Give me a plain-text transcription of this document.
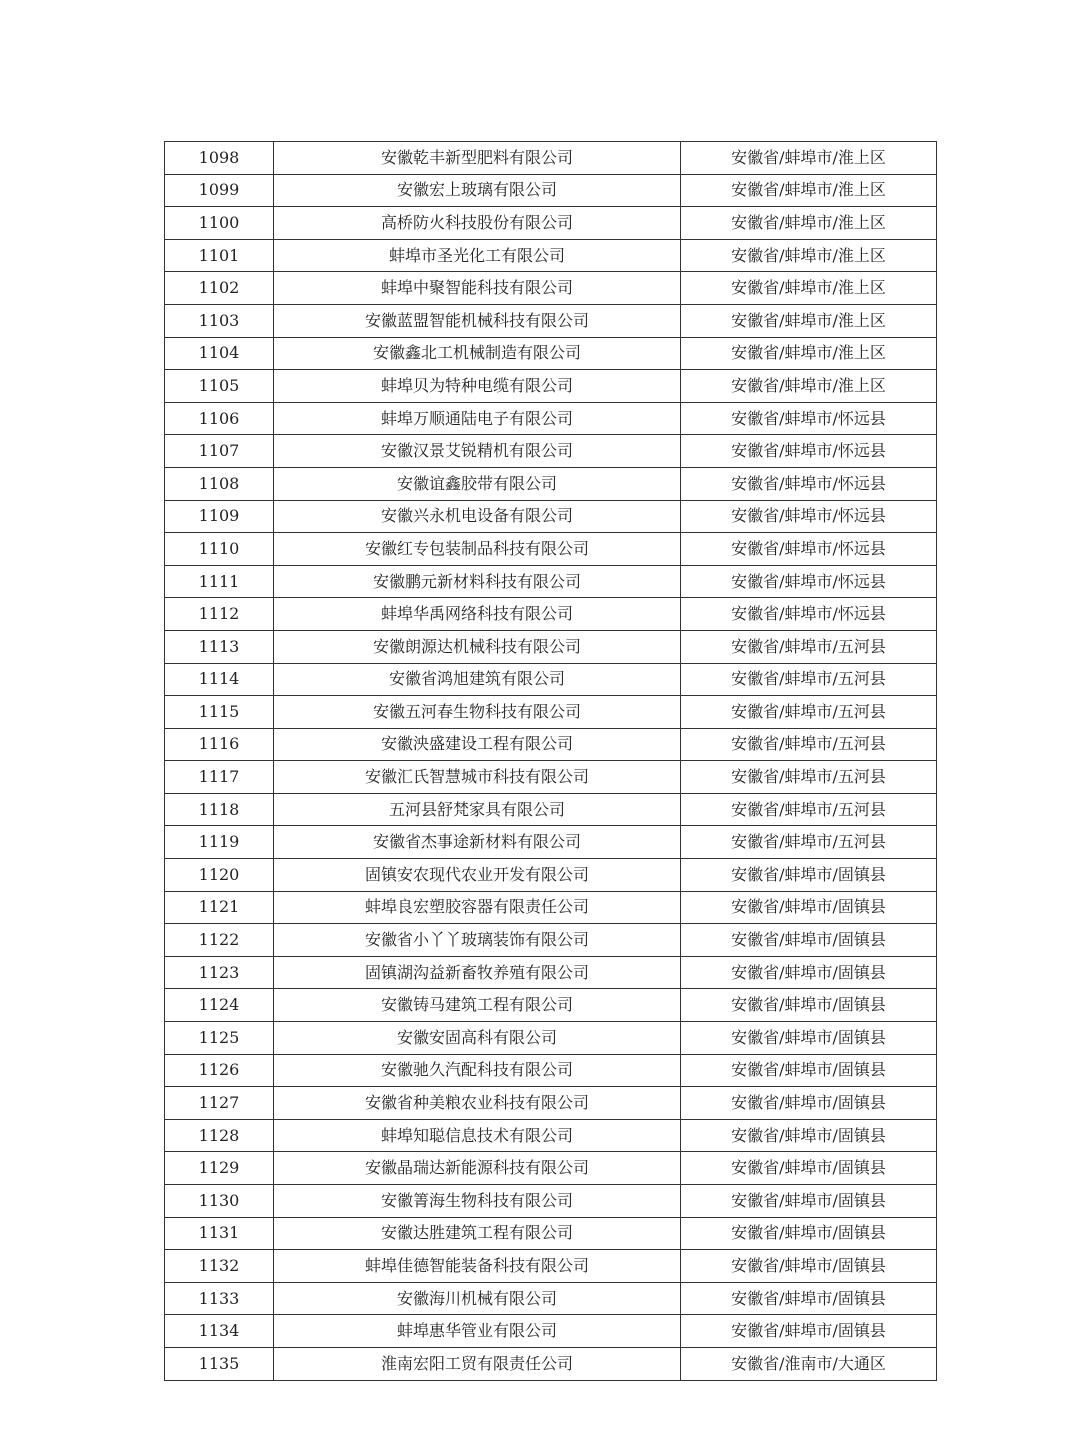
1098	安徽乾丰新型肥料有限公司	安徽省/蚌埠市/淮上区
1099	安徽宏上玻璃有限公司	安徽省/蚌埠市/淮上区
1100	高桥防火科技股份有限公司	安徽省/蚌埠市/淮上区
1101	蚌埠市圣光化工有限公司	安徽省/蚌埠市/淮上区
1102	蚌埠中聚智能科技有限公司	安徽省/蚌埠市/淮上区
1103	安徽蓝盟智能机械科技有限公司	安徽省/蚌埠市/淮上区
1104	安徽鑫北工机械制造有限公司	安徽省/蚌埠市/淮上区
1105	蚌埠贝为特种电缆有限公司	安徽省/蚌埠市/淮上区
1106	蚌埠万顺通陆电子有限公司	安徽省/蚌埠市/怀远县
1107	安徽汉景艾锐精机有限公司	安徽省/蚌埠市/怀远县
1108	安徽谊鑫胶带有限公司	安徽省/蚌埠市/怀远县
1109	安徽兴永机电设备有限公司	安徽省/蚌埠市/怀远县
1110	安徽红专包装制品科技有限公司	安徽省/蚌埠市/怀远县
1111	安徽鹏元新材料科技有限公司	安徽省/蚌埠市/怀远县
1112	蚌埠华禹网络科技有限公司	安徽省/蚌埠市/怀远县
1113	安徽朗源达机械科技有限公司	安徽省/蚌埠市/五河县
1114	安徽省鸿旭建筑有限公司	安徽省/蚌埠市/五河县
1115	安徽五河春生物科技有限公司	安徽省/蚌埠市/五河县
1116	安徽泱盛建设工程有限公司	安徽省/蚌埠市/五河县
1117	安徽汇氏智慧城市科技有限公司	安徽省/蚌埠市/五河县
1118	五河县舒梵家具有限公司	安徽省/蚌埠市/五河县
1119	安徽省杰事途新材料有限公司	安徽省/蚌埠市/五河县
1120	固镇安农现代农业开发有限公司	安徽省/蚌埠市/固镇县
1121	蚌埠良宏塑胶容器有限责任公司	安徽省/蚌埠市/固镇县
1122	安徽省小丫丫玻璃装饰有限公司	安徽省/蚌埠市/固镇县
1123	固镇湖沟益新畜牧养殖有限公司	安徽省/蚌埠市/固镇县
1124	安徽铸马建筑工程有限公司	安徽省/蚌埠市/固镇县
1125	安徽安固高科有限公司	安徽省/蚌埠市/固镇县
1126	安徽驰久汽配科技有限公司	安徽省/蚌埠市/固镇县
1127	安徽省种美粮农业科技有限公司	安徽省/蚌埠市/固镇县
1128	蚌埠知聪信息技术有限公司	安徽省/蚌埠市/固镇县
1129	安徽晶瑞达新能源科技有限公司	安徽省/蚌埠市/固镇县
1130	安徽箐海生物科技有限公司	安徽省/蚌埠市/固镇县
1131	安徽达胜建筑工程有限公司	安徽省/蚌埠市/固镇县
1132	蚌埠佳德智能装备科技有限公司	安徽省/蚌埠市/固镇县
1133	安徽海川机械有限公司	安徽省/蚌埠市/固镇县
1134	蚌埠惠华管业有限公司	安徽省/蚌埠市/固镇县
1135	淮南宏阳工贸有限责任公司	安徽省/淮南市/大通区
